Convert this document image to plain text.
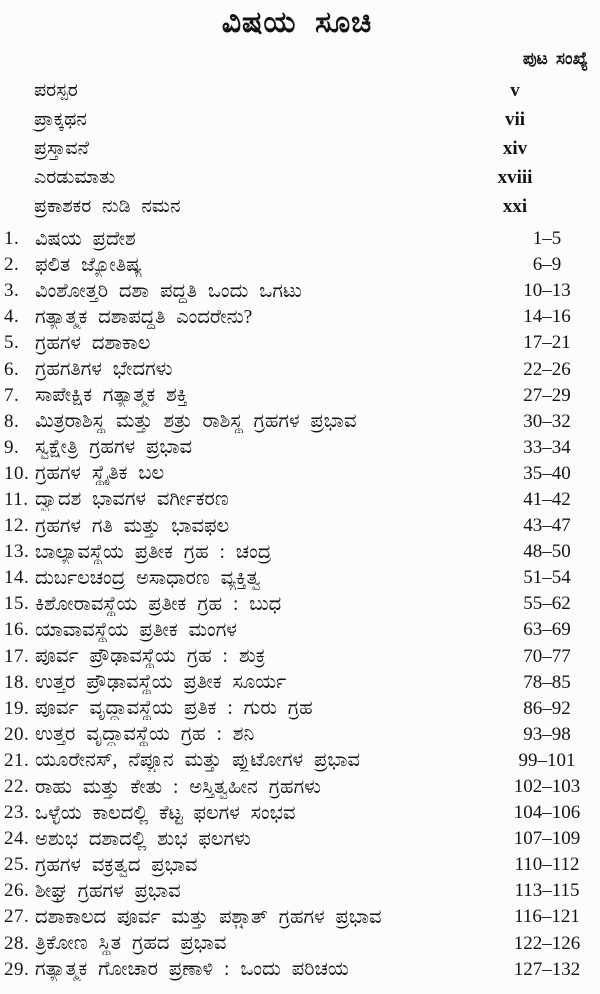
ವಿಷಯ ಸೂಚಿ
ಪುಟ ಸಂಖ್ಯೆ
ಪರಸ್ಪರ	v
ಪ್ರಾಕ್ಕಥನ	vii
ಪ್ರಸ್ತಾವನೆ	xiv
ಎರಡುಮಾತು	xviii
ಪ್ರಕಾಶಕರ ನುಡಿ ನಮನ	xxi
1. ವಿಷಯ ಪ್ರದೇಶ	1–5
2. ಫಲಿತ ಜ್ಯೋತಿಷ್ಯ	6–9
3. ವಿಂಶೋತ್ತರಿ ದಶಾ ಪದ್ಧತಿ ಒಂದು ಒಗಟು	10–13
4. ಗತ್ಯಾತ್ಮಕ ದಶಾಪದ್ಧತಿ ಎಂದರೇನು?	14–16
5. ಗ್ರಹಗಳ ದಶಾಕಾಲ	17–21
6. ಗ್ರಹಗತಿಗಳ ಭೇದಗಳು	22–26
7. ಸಾಪೇಕ್ಷಿಕ ಗತ್ಯಾತ್ಮಕ ಶಕ್ತಿ	27–29
8. ಮಿತ್ರರಾಶಿಸ್ಥ ಮತ್ತು ಶತ್ರು ರಾಶಿಸ್ಥ ಗ್ರಹಗಳ ಪ್ರಭಾವ	30–32
9. ಸ್ವಕ್ಷೇತ್ರಿ ಗ್ರಹಗಳ ಪ್ರಭಾವ	33–34
10. ಗ್ರಹಗಳ ಸ್ಥೈತಿಕ ಬಲ	35–40
11. ದ್ವಾದಶ ಭಾವಗಳ ವರ್ಗೀಕರಣ	41–42
12. ಗ್ರಹಗಳ ಗತಿ ಮತ್ತು ಭಾವಫಲ	43–47
13. ಬಾಲ್ಯಾವಸ್ಥೆಯ ಪ್ರತೀಕ ಗ್ರಹ : ಚಂದ್ರ	48–50
14. ದುರ್ಬಲಚಂದ್ರ ಅಸಾಧಾರಣ ವ್ಯಕ್ತಿತ್ವ	51–54
15. ಕಿಶೋರಾವಸ್ಥೆಯ ಪ್ರತೀಕ ಗ್ರಹ : ಬುಧ	55–62
16. ಯಾವಾವಸ್ಥೆಯ ಪ್ರತೀಕ ಮಂಗಳ	63–69
17. ಪೂರ್ವ ಪ್ರೌಢಾವಸ್ಥೆಯ ಗ್ರಹ : ಶುಕ್ರ	70–77
18. ಉತ್ತರ ಪ್ರೌಢಾವಸ್ಥೆಯ ಪ್ರತೀಕ ಸೂರ್ಯ	78–85
19. ಪೂರ್ವ ವೃದ್ಧಾವಸ್ಥೆಯ ಪ್ರತಿಕ : ಗುರು ಗ್ರಹ	86–92
20. ಉತ್ತರ ವೃದ್ಧಾವಸ್ಥೆಯ ಗ್ರಹ : ಶನಿ	93–98
21. ಯೂರೇನಸ್, ನೆಪ್ಚೂನ ಮತ್ತು ಪ್ಲುಟೋಗಳ ಪ್ರಭಾವ	99–101
22. ರಾಹು ಮತ್ತು ಕೇತು : ಅಸ್ತಿತ್ವಹೀನ ಗ್ರಹಗಳು	102–103
23. ಒಳ್ಳೆಯ ಕಾಲದಲ್ಲಿ ಕೆಟ್ಟ ಫಲಗಳ ಸಂಭವ	104–106
24. ಅಶುಭ ದಶಾದಲ್ಲಿ ಶುಭ ಫಲಗಳು	107–109
25. ಗ್ರಹಗಳ ವಕ್ರತ್ವದ ಪ್ರಭಾವ	110–112
26. ಶೀಘ್ರ ಗ್ರಹಗಳ ಪ್ರಭಾವ	113–115
27. ದಶಾಕಾಲದ ಪೂರ್ವ ಮತ್ತು ಪಶ್ಚಾತ್ ಗ್ರಹಗಳ ಪ್ರಭಾವ	116–121
28. ತ್ರಿಕೋಣ ಸ್ಥಿತ ಗ್ರಹದ ಪ್ರಭಾವ	122–126
29. ಗತ್ಯಾತ್ಮಕ ಗೋಚಾರ ಪ್ರಣಾಳಿ : ಒಂದು ಪರಿಚಯ	127–132
